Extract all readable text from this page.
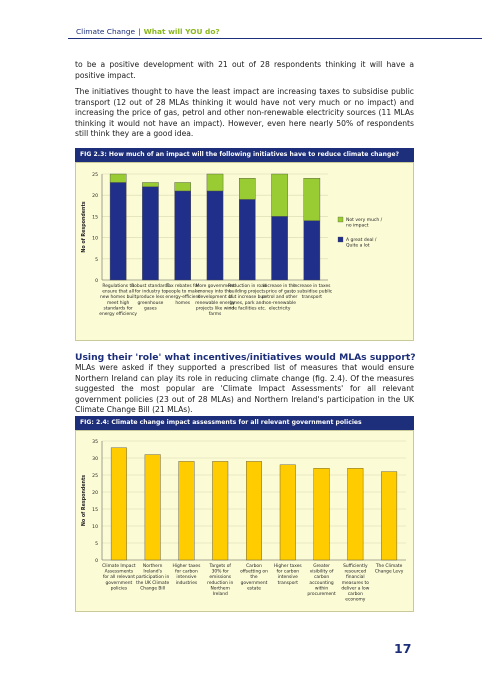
Climate Change | What will YOU do?

to be a positive development with 21 out of 28 respondents thinking it will have a positive impact.

The initiatives thought to have the least impact are increasing taxes to subsidise public transport (12 out of 28 MLAs thinking it would have not very much or no impact) and increasing the price of gas, petrol and other non-renewable electricity sources (11 MLAs thinking it would not have an impact). However, even here nearly 50% of respondents still think they are a good idea.

FIG 2.3: How much of an impact will the following initiatives have to reduce climate change?
0
5
10
15
20
25
No of Respondents
Regulations to
ensure that all
new homes built
meet high
standards for
energy efficiency
Robust standards
for industry to
produce less
greenhouse
gases
Tax rebates for
people to make
energy-efficient
homes
More government
money into the
development of
renewable energy
projects like wind
farms
Reduction in road
building projects
but increase bus
lanes, park and
ride facilities etc.
Increase in the
price of gas,
petrol and other
non-renewable
electricity
Increase in taxes
to subsidise public
transport
Not very much /
no impact
A great deal /
Quite a lot

Using their 'role' what incentives/initiatives would MLAs support?

MLAs were asked if they supported a prescribed list of measures that would ensure Northern Ireland can play its role in reducing climate change (fig. 2.4). Of the measures suggested the most popular are 'Climate Impact Assessments' for all relevant government policies (23 out of 28 MLAs) and Northern Ireland's participation in the UK Climate Change Bill (21 MLAs).

FIG: 2.4: Climate change impact assessments for all relevant government policies
0
5
10
15
20
25
30
35
No of Respondents
Climate Impact
Assessments
for all relevant
government
policies
Northern
Ireland's
participation in
the UK Climate
Change Bill
Higher taxes
for carbon
intensive
industries
Targets of
30% for
emissions
reduction in
Northern
Ireland
Carbon
offsetting on
the
government
estate
Higher taxes
for carbon
intensive
transport
Greater
visibility of
carbon
accounting
within
procurement
Sufficiently
resourced
financial
measures to
deliver a low
carbon
economy
The Climate
Change Levy
17
